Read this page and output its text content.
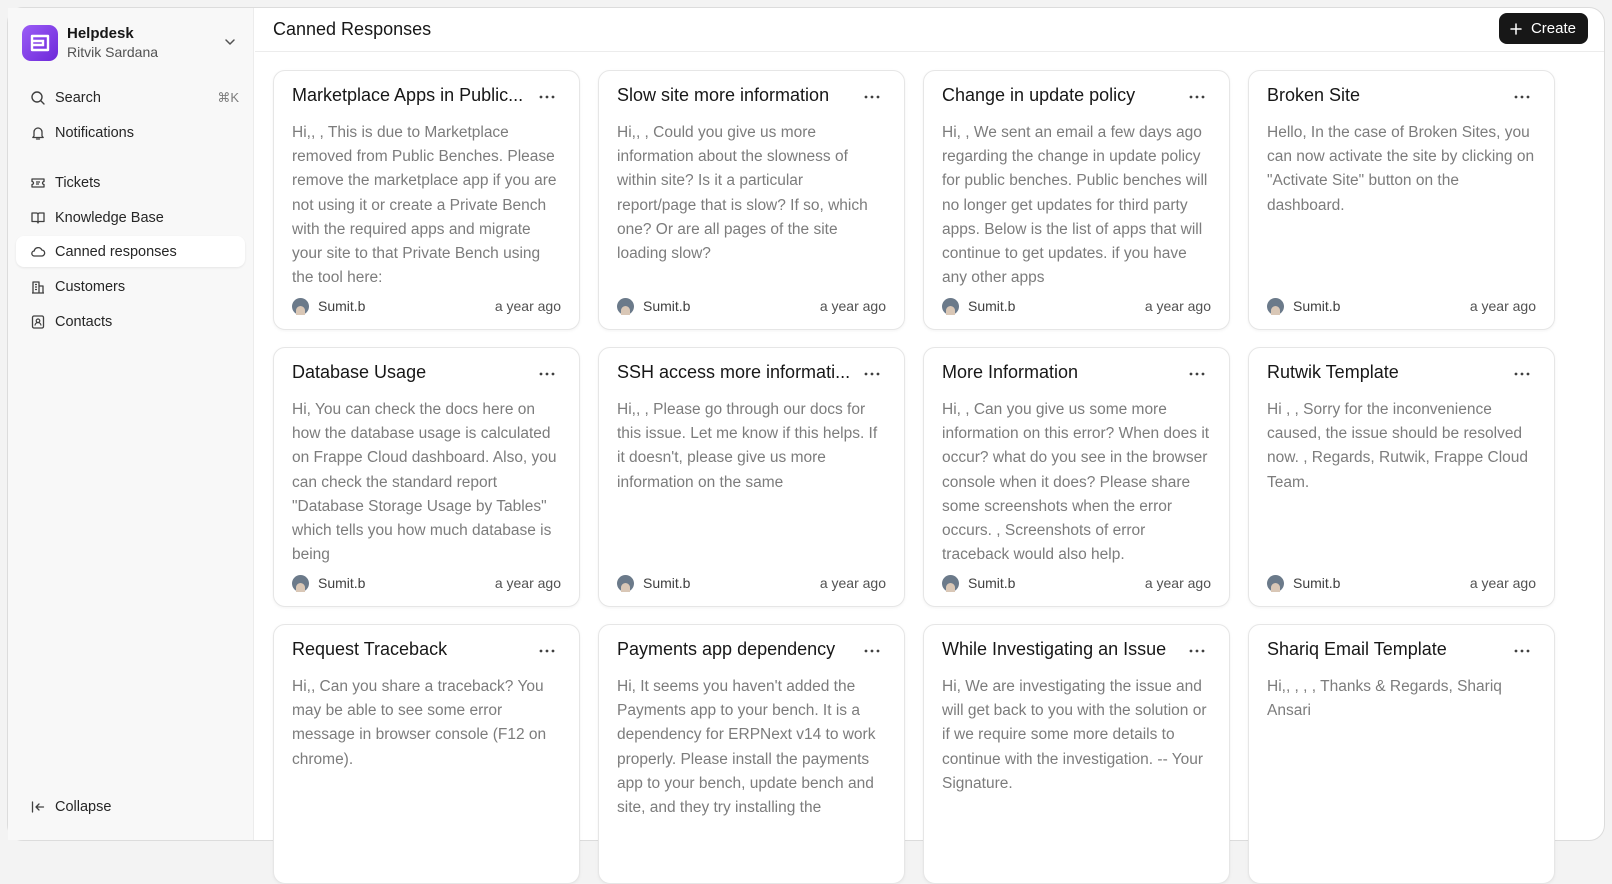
Helpdesk
Ritvik Sardana
Search	⌘K
Notifications
Tickets
Knowledge Base
Canned responses
Customers
Contacts
Collapse
Canned Responses	Create
Marketplace Apps in Public...
Hi,, , This is due to Marketplace removed from Public Benches. Please remove the marketplace app if you are not using it or create a Private Bench with the required apps and migrate your site to that Private Bench using the tool here:
Sumit.b	a year ago
Slow site more information
Hi,, , Could you give us more information about the slowness of within site? Is it a particular report/page that is slow? If so, which one? Or are all pages of the site loading slow?
Sumit.b	a year ago
Change in update policy
Hi, , We sent an email a few days ago regarding the change in update policy for public benches. Public benches will no longer get updates for third party apps. Below is the list of apps that will continue to get updates. if you have any other apps
Sumit.b	a year ago
Broken Site
Hello, In the case of Broken Sites, you can now activate the site by clicking on "Activate Site" button on the dashboard.
Sumit.b	a year ago
Database Usage
Hi, You can check the docs here on how the database usage is calculated on Frappe Cloud dashboard. Also, you can check the standard report "Database Storage Usage by Tables" which tells you how much database is being
Sumit.b	a year ago
SSH access more informati...
Hi,, , Please go through our docs for this issue. Let me know if this helps. If it doesn't, please give us more information on the same
Sumit.b	a year ago
More Information
Hi, , Can you give us some more information on this error? When does it occur? what do you see in the browser console when it does? Please share some screenshots when the error occurs. , Screenshots of error traceback would also help.
Sumit.b	a year ago
Rutwik Template
Hi , , Sorry for the inconvenience caused, the issue should be resolved now. , Regards, Rutwik, Frappe Cloud Team.
Sumit.b	a year ago
Request Traceback
Hi,, Can you share a traceback? You may be able to see some error message in browser console (F12 on chrome).
Payments app dependency
Hi, It seems you haven't added the Payments app to your bench. It is a dependency for ERPNext v14 to work properly. Please install the payments app to your bench, update bench and site, and they try installing the
While Investigating an Issue
Hi, We are investigating the issue and will get back to you with the solution or if we require some more details to continue with the investigation. -- Your Signature.
Shariq Email Template
Hi,, , , , Thanks & Regards, Shariq Ansari
